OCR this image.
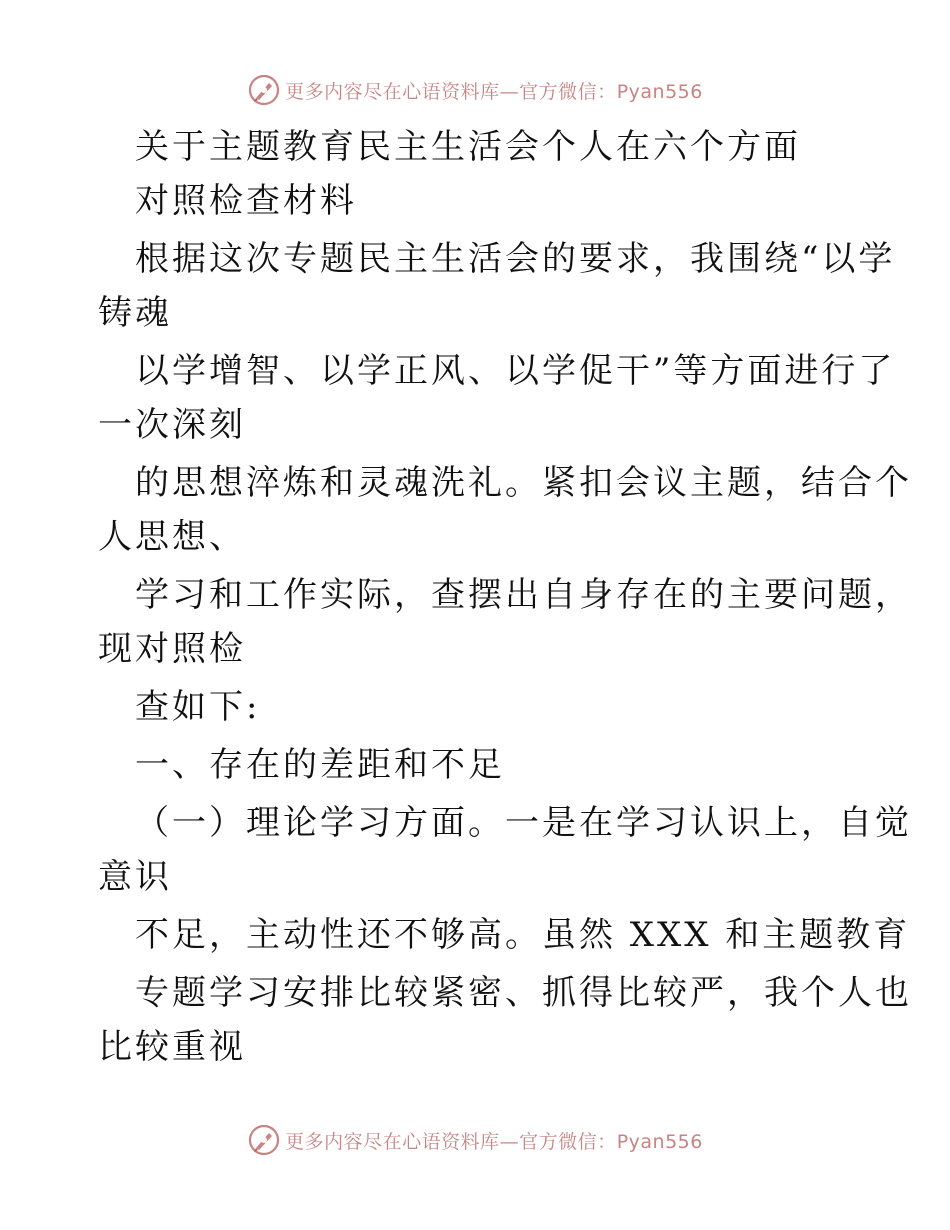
更多内容尽在心语资料库—官方微信：Pyan556
关于主题教育民主生活会个人在六个方面
对照检查材料
根据这次专题民主生活会的要求，我围绕“以学
铸魂
以学增智、以学正风、以学促干”等方面进行了
一次深刻
的思想淬炼和灵魂洗礼。紧扣会议主题，结合个
人思想、
学习和工作实际，查摆出自身存在的主要问题，
现对照检
查如下:
一、存在的差距和不足
（一）理论学习方面。一是在学习认识上，自觉
意识
不足，主动性还不够高。虽然 XXX 和主题教育
专题学习安排比较紧密、抓得比较严，我个人也
比较重视
更多内容尽在心语资料库—官方微信：Pyan556
